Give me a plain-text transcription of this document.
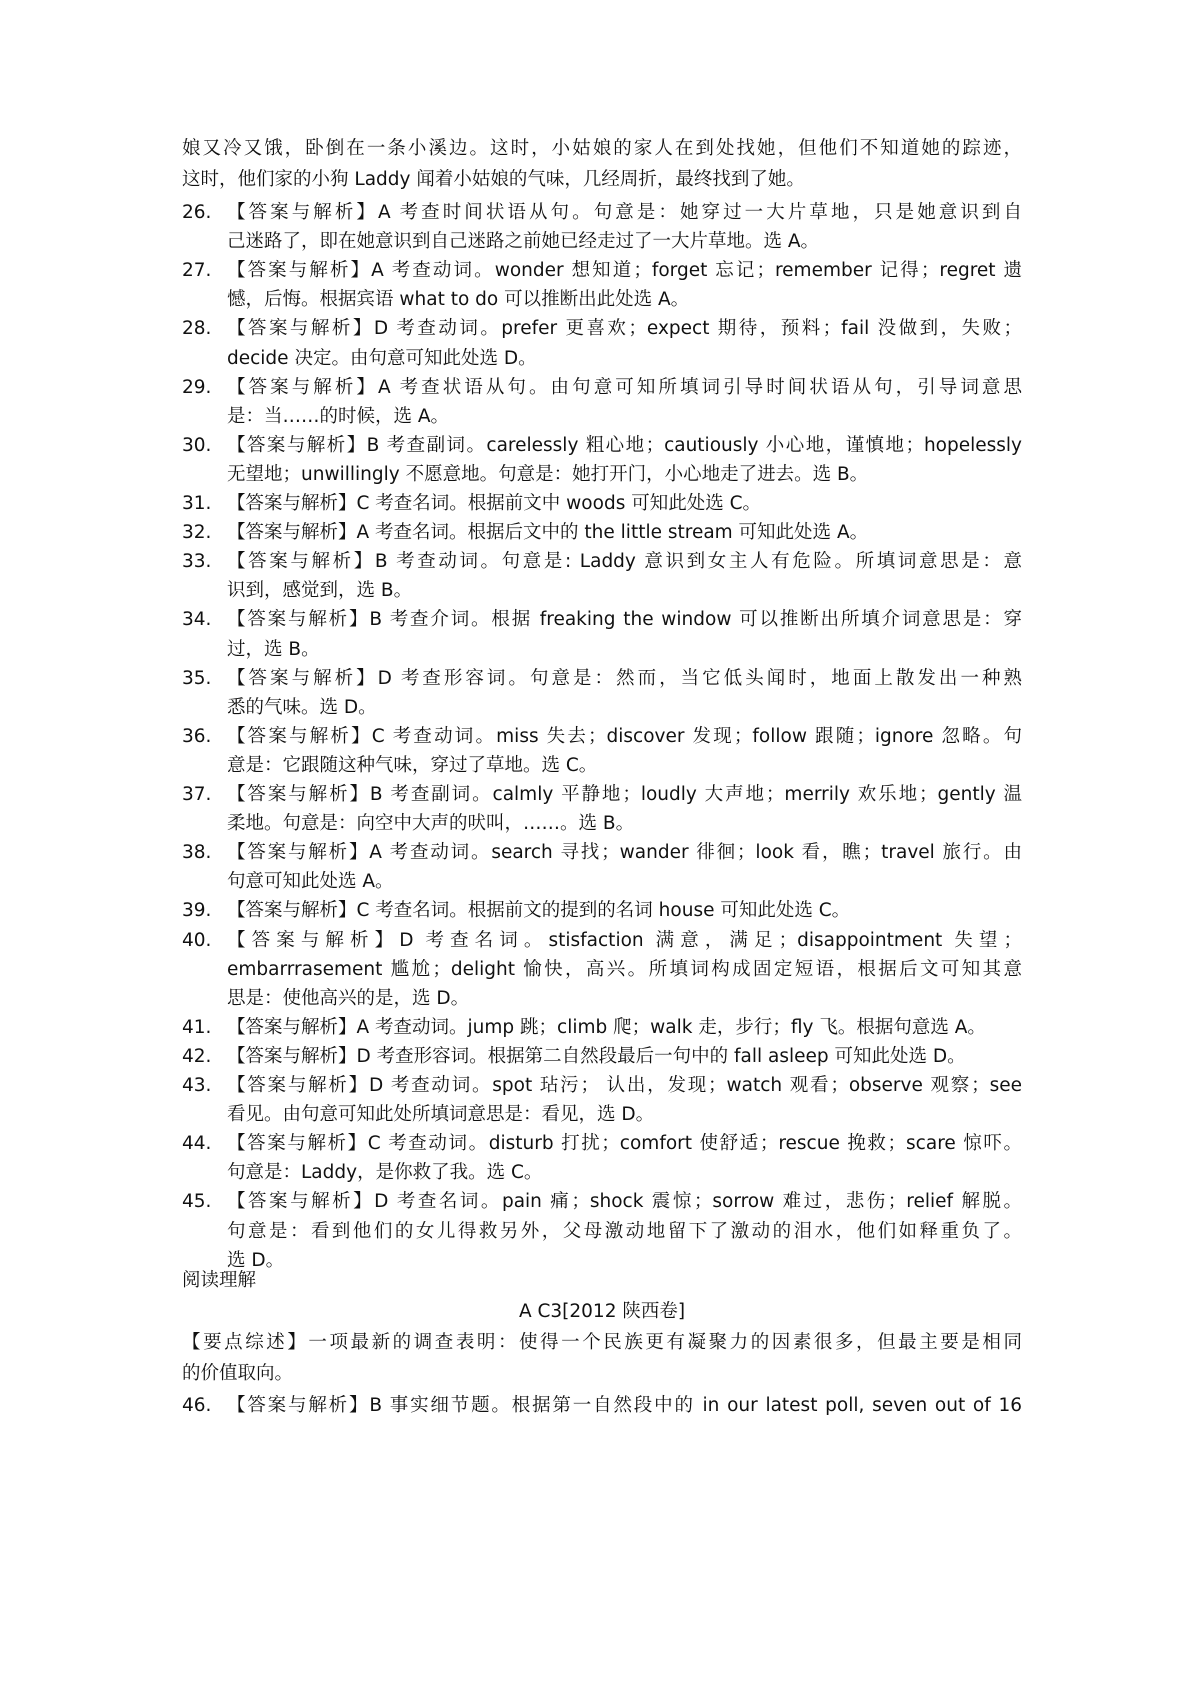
娘又冷又饿，卧倒在一条小溪边。这时，小姑娘的家人在到处找她，但他们不知道她的踪迹，
这时，他们家的小狗 Laddy 闻着小姑娘的气味，几经周折，最终找到了她。
26. 【答案与解析】A 考查时间状语从句。句意是：她穿过一大片草地，只是她意识到自
己迷路了，即在她意识到自己迷路之前她已经走过了一大片草地。选 A。
27. 【答案与解析】A 考查动词。wonder 想知道；forget 忘记；remember 记得；regret 遗
憾，后悔。根据宾语 what to do 可以推断出此处选 A。
28. 【答案与解析】D 考查动词。prefer 更喜欢；expect 期待，预料；fail 没做到，失败；
decide 决定。由句意可知此处选 D。
29. 【答案与解析】A 考查状语从句。由句意可知所填词引导时间状语从句，引导词意思
是：当……的时候，选 A。
30. 【答案与解析】B 考查副词。carelessly 粗心地；cautiously 小心地，谨慎地；hopelessly
无望地；unwillingly 不愿意地。句意是：她打开门，小心地走了进去。选 B。
31. 【答案与解析】C 考查名词。根据前文中 woods 可知此处选 C。
32. 【答案与解析】A 考查名词。根据后文中的 the little stream 可知此处选 A。
33. 【答案与解析】B 考查动词。句意是: Laddy 意识到女主人有危险。所填词意思是：意
识到，感觉到，选 B。
34. 【答案与解析】B 考查介词。根据 freaking the window 可以推断出所填介词意思是：穿
过，选 B。
35. 【答案与解析】D 考查形容词。句意是：然而，当它低头闻时，地面上散发出一种熟
悉的气味。选 D。
36. 【答案与解析】C 考查动词。miss 失去；discover 发现；follow 跟随；ignore 忽略。句
意是：它跟随这种气味，穿过了草地。选 C。
37. 【答案与解析】B 考查副词。calmly 平静地；loudly 大声地；merrily 欢乐地；gently 温
柔地。句意是：向空中大声的吠叫，……。选 B。
38. 【答案与解析】A 考查动词。search 寻找；wander 徘徊；look 看，瞧；travel 旅行。由
句意可知此处选 A。
39. 【答案与解析】C 考查名词。根据前文的提到的名词 house 可知此处选 C。
40. 【答案与解析】D 考查名词。stisfaction 满意，满足；disappointment 失望；
embarrrasement 尴尬；delight 愉快，高兴。所填词构成固定短语，根据后文可知其意
思是：使他高兴的是，选 D。
41. 【答案与解析】A 考查动词。jump 跳；climb 爬；walk 走，步行；fly 飞。根据句意选 A。
42. 【答案与解析】D 考查形容词。根据第二自然段最后一句中的 fall asleep 可知此处选 D。
43. 【答案与解析】D 考查动词。spot 玷污； 认出，发现；watch 观看；observe 观察；see
看见。由句意可知此处所填词意思是：看见，选 D。
44. 【答案与解析】C 考查动词。disturb 打扰；comfort 使舒适；rescue 挽救；scare 惊吓。
句意是：Laddy，是你救了我。选 C。
45. 【答案与解析】D 考查名词。pain 痛；shock 震惊；sorrow 难过，悲伤；relief 解脱。
句意是：看到他们的女儿得救另外，父母激动地留下了激动的泪水，他们如释重负了。
选 D。
阅读理解
A C3[2012 陕西卷]
【要点综述】一项最新的调查表明：使得一个民族更有凝聚力的因素很多，但最主要是相同
的价值取向。
46. 【答案与解析】B 事实细节题。根据第一自然段中的 in our latest poll, seven out of 16
